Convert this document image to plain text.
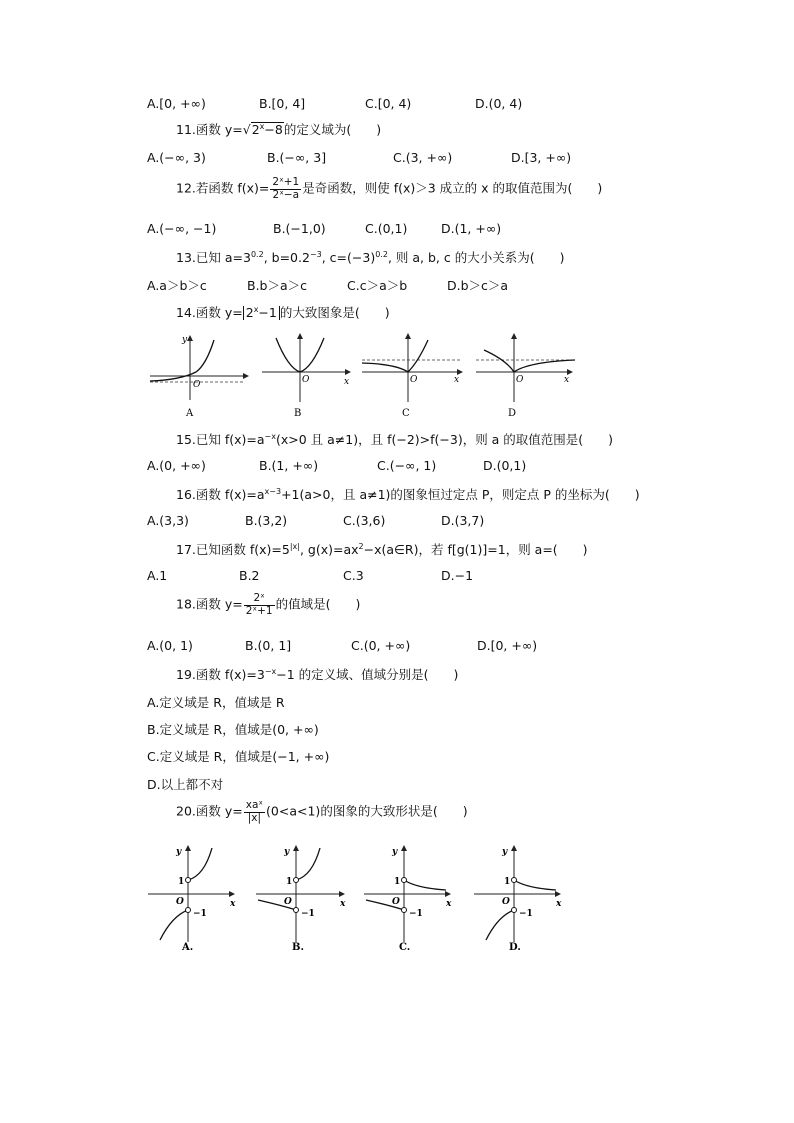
A.[0, +∞)	B.[0, 4]	C.[0, 4)	D.(0, 4)
11.函数 $y=√2^x-8$的定义域为(　　)
A.(−∞, 3)	B.(−∞, 3]	C.(3, +∞)	D.[3, +∞)
12.若函数 $f(x)= \frac{\text{2ˣ+1}}{\text{2ˣ−a}}$ 是奇函数，则使 f(x)＞3 成立的 x 的取值范围为(　　)
A.(−∞, −1)	B.(−1,0)	C.(0,1)	D.(1, +∞)
13.已知 $a=3^{0.2}$, $b=0.2^{-3}$, $c=(-3)^{0.2}$, 则 a, b, c 的大小关系为(　　)
A.a＞b＞c	B.b＞a＞c	C.c＞a＞b	D.b＞c＞a
14.函数 $y= 2^x-1$ 的大致图象是(　　)
y
O
A
x
O
B
x
O
C
x
O
D
15.已知 $f(x)=a^{-x}(x>0$ 且 a≠1)，且 f(−2)>f(−3)，则 a 的取值范围是(　　)
A.(0, +∞)	B.(1, +∞)	C.(−∞, 1)	D.(0,1)
16.函数 $f(x)=a^{x-3}+1(a>0$，且 a≠1)的图象恒过定点 P，则定点 P 的坐标为(　　)
A.(3,3)	B.(3,2)	C.(3,6)	D.(3,7)
17.已知函数 $f(x)=5^{|x|}$, $g(x)=ax^2-x(a\in R)$，若 f[g(1)]=1，则 a=(　　)
A.1	B.2	C.3	D.−1
18.函数 $y= \frac{\text{2ˣ}}{\text{2ˣ+1}}$ 的值域是(　　)
A.(0, 1)	B.(0, 1]	C.(0, +∞)	D.[0, +∞)
19.函数 $f(x)=3^{-x}-1$ 的定义域、值域分别是(　　)
A.定义域是 R，值域是 R
B.定义域是 R，值域是(0, +∞)
C.定义域是 R，值域是(−1, +∞)
D.以上都不对
20.函数 $y= \frac{\text{xaˣ}}{|x|} (0<a<1)$的图象的大致形状是(　　)
y
1
O	x
−1
A.
y
1
O	x
−1
B.
y
1
O	x
−1
C.
y
1
O	x
−1
D.
